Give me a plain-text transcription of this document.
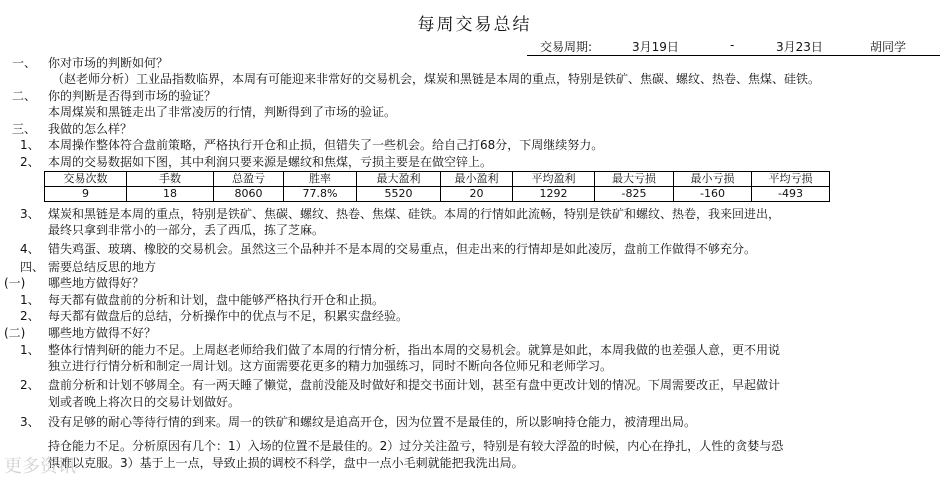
每周交易总结
交易周期:	3月19日	-	3月23日	胡同学
一、 你对市场的判断如何？
（赵老师分析）工业品指数临界，本周有可能迎来非常好的交易机会，煤炭和黑链是本周的重点，特别是铁矿、焦碳、螺纹、热卷、焦煤、硅铁。
二、 你的判断是否得到市场的验证？
本周煤炭和黑链走出了非常凌厉的行情，判断得到了市场的验证。
三、 我做的怎么样？
1、 本周操作整体符合盘前策略，严格执行开仓和止损，但错失了一些机会。给自己打68分，下周继续努力。
2、 本周的交易数据如下图，其中利润只要来源是螺纹和焦煤，亏损主要是在做空锌上。
交易次数	手数	总盈亏	胜率	最大盈利	最小盈利	平均盈利	最大亏损	最小亏损	平均亏损
9	18	8060	77.8%	5520	20	1292	-825	-160	-493
3、 煤炭和黑链是本周的重点，特别是铁矿、焦碳、螺纹、热卷、焦煤、硅铁。本周的行情如此流畅，特别是铁矿和螺纹、热卷，我来回进出，
最终只拿到非常小的一部分，丢了西瓜，拣了芝麻。
4、 错失鸡蛋、玻璃、橡胶的交易机会。虽然这三个品种并不是本周的交易重点，但走出来的行情却是如此凌厉，盘前工作做得不够充分。
四、 需要总结反思的地方
(一) 哪些地方做得好？
1、 每天都有做盘前的分析和计划，盘中能够严格执行开仓和止损。
2、 每天都有做盘后的总结，分析操作中的优点与不足，积累实盘经验。
(二) 哪些地方做得不好？
1、 整体行情判研的能力不足。上周赵老师给我们做了本周的行情分析，指出本周的交易机会。就算是如此，本周我做的也差强人意，更不用说
独立进行行情分析和制定一周计划。这方面需要花更多的精力加强练习，同时不断向各位师兄和老师学习。
2、 盘前分析和计划不够周全。有一两天睡了懒觉，盘前没能及时做好和提交书面计划，甚至有盘中更改计划的情况。下周需要改正，早起做计
划或者晚上将次日的交易计划做好。
3、 没有足够的耐心等待行情的到来。周一的铁矿和螺纹是追高开仓，因为位置不是最佳的，所以影响持仓能力，被清理出局。
持仓能力不足。分析原因有几个：1）入场的位置不是最佳的。2）过分关注盈亏，特别是有较大浮盈的时候，内心在挣扎，人性的贪婪与恐
惧难以克服。3）基于上一点，导致止损的调校不科学，盘中一点小毛刺就能把我洗出局。
更多资讯
